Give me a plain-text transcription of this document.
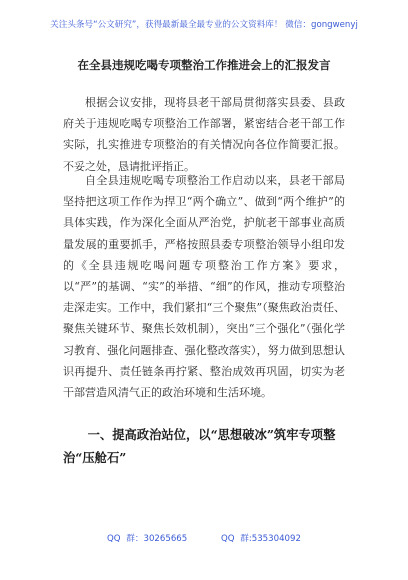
关注头条号“公文研究”，获得最新最全最专业的公文资料库！ 微信：gongwenyj
在全县违规吃喝专项整治工作推进会上的汇报发言

根据会议安排，现将县老干部局贯彻落实县委、县政府关于违规吃喝专项整治工作部署，紧密结合老干部工作实际，扎实推进专项整治的有关情况向各位作简要汇报。不妥之处，恳请批评指正。

自全县违规吃喝专项整治工作启动以来，县老干部局坚持把这项工作作为捍卫“两个确立”、做到“两个维护”的具体实践，作为深化全面从严治党，护航老干部事业高质量发展的重要抓手，严格按照县委专项整治领导小组印发的《全县违规吃喝问题专项整治工作方案》要求，以“严”的基调、“实”的举措、“细”的作风，推动专项整治走深走实。工作中，我们紧扣“三个聚焦”（聚焦政治责任、聚焦关键环节、聚焦长效机制），突出“三个强化”（强化学习教育、强化问题排查、强化整改落实），努力做到思想认识再提升、责任链条再拧紧、整治成效再巩固，切实为老干部营造风清气正的政治环境和生活环境。

一、提高政治站位，以“思想破冰”筑牢专项整治“压舱石”

QQ 群：30265665	QQ 群:535304092
